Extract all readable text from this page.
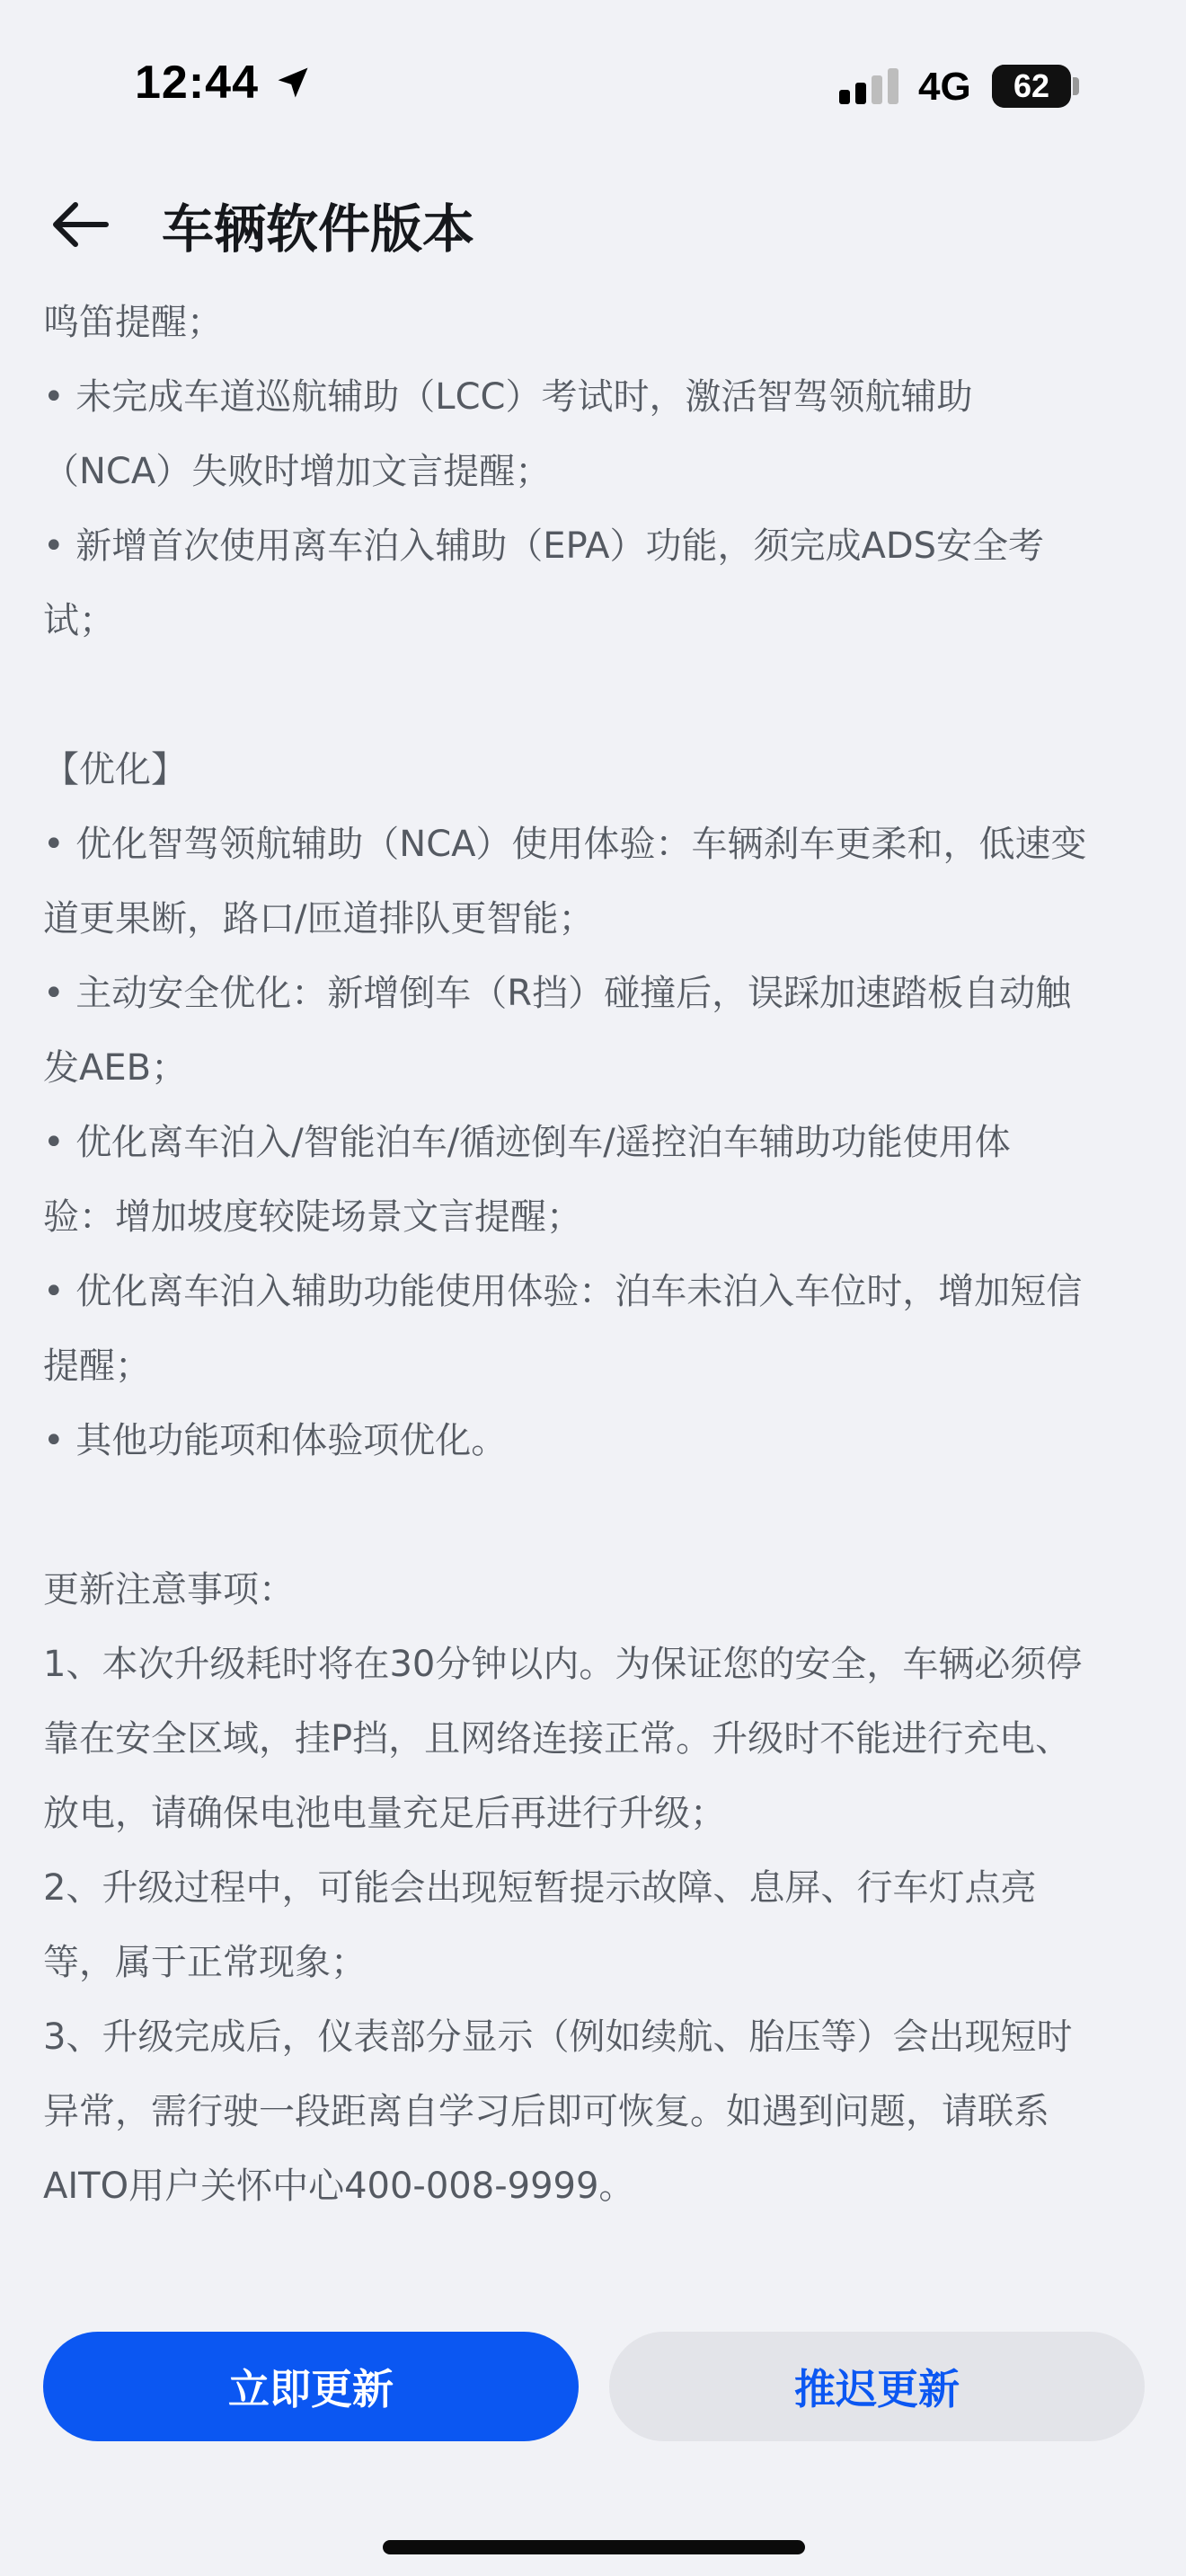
12:44	4G	62
车辆软件版本
鸣笛提醒；
• 未完成车道巡航辅助（LCC）考试时，激活智驾领航辅助
（NCA）失败时增加文言提醒；
• 新增首次使用离车泊入辅助（EPA）功能，须完成ADS安全考
试；
【优化】
• 优化智驾领航辅助（NCA）使用体验：车辆刹车更柔和，低速变
道更果断，路口/匝道排队更智能；
• 主动安全优化：新增倒车（R挡）碰撞后，误踩加速踏板自动触
发AEB；
• 优化离车泊入/智能泊车/循迹倒车/遥控泊车辅助功能使用体
验：增加坡度较陡场景文言提醒；
• 优化离车泊入辅助功能使用体验：泊车未泊入车位时，增加短信
提醒；
• 其他功能项和体验项优化。
更新注意事项：
1、本次升级耗时将在30分钟以内。为保证您的安全，车辆必须停
靠在安全区域，挂P挡，且网络连接正常。升级时不能进行充电、
放电，请确保电池电量充足后再进行升级；
2、升级过程中，可能会出现短暂提示故障、息屏、行车灯点亮
等，属于正常现象；
3、升级完成后，仪表部分显示（例如续航、胎压等）会出现短时
异常，需行驶一段距离自学习后即可恢复。如遇到问题，请联系
AITO用户关怀中心400-008-9999。
立即更新	推迟更新
